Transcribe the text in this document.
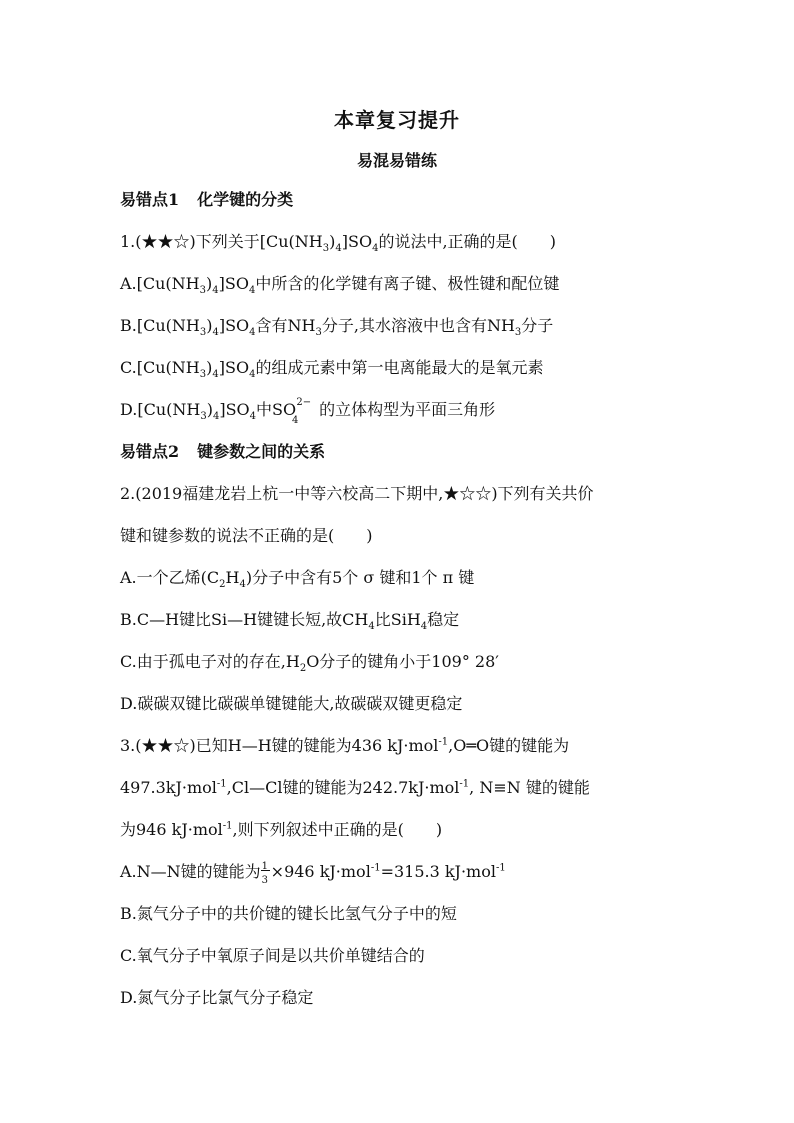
本章复习提升
易混易错练
易错点1 化学键的分类
1.(★★☆)下列关于$[Cu(NH_3)_4]SO_4$的说法中,正确的是(　　)
$A.[Cu(NH_3)_4]SO_4$中所含的化学键有离子键、极性键和配位键
$B.[Cu(NH_3)_4]SO_4$含有$NH_3$分子,其水溶液中也含有$NH_3$分子
$C.[Cu(NH_3)_4]SO_4$的组成元素中第一电离能最大的是氧元素
$D.[Cu(NH_3)_4]SO_4$中 SO
$_4^{2-}$ 的立体构型为平面三角形
易错点2 键参数之间的关系
2.(2019福建龙岩上杭一中等六校高二下期中,★☆☆)下列有关共价
键和键参数的说法不正确的是(　　)
A.一个乙烯$(C_2H_4)$分子中含有5个 σ 键和1个 π 键
B.C—H键比Si—H键键长短,故$CH_4$比SiH$_4$稳定
C.由于孤电子对的存在$,H_2O$分子的键角小于109° 28′
D.碳碳双键比碳碳单键键能大,故碳碳双键更稳定
3.(★★☆)已知H—H键的键能为436 kJ·mol$^{-1}$,O═O键的键能为
497.3kJ·mol$^{-1}$,Cl—Cl键的键能为242.7kJ·mol$^{-1}$, N≡N 键的键能
为946 kJ·mol$^{-1}$,则下列叙述中正确的是(　　)
A.N—N键的键能为 1
3 ×946 kJ·mol$^{-1}$=315.3 kJ·mol$^{-1}$
B.氮气分子中的共价键的键长比氢气分子中的短
C.氧气分子中氧原子间是以共价单键结合的
D.氮气分子比氯气分子稳定
